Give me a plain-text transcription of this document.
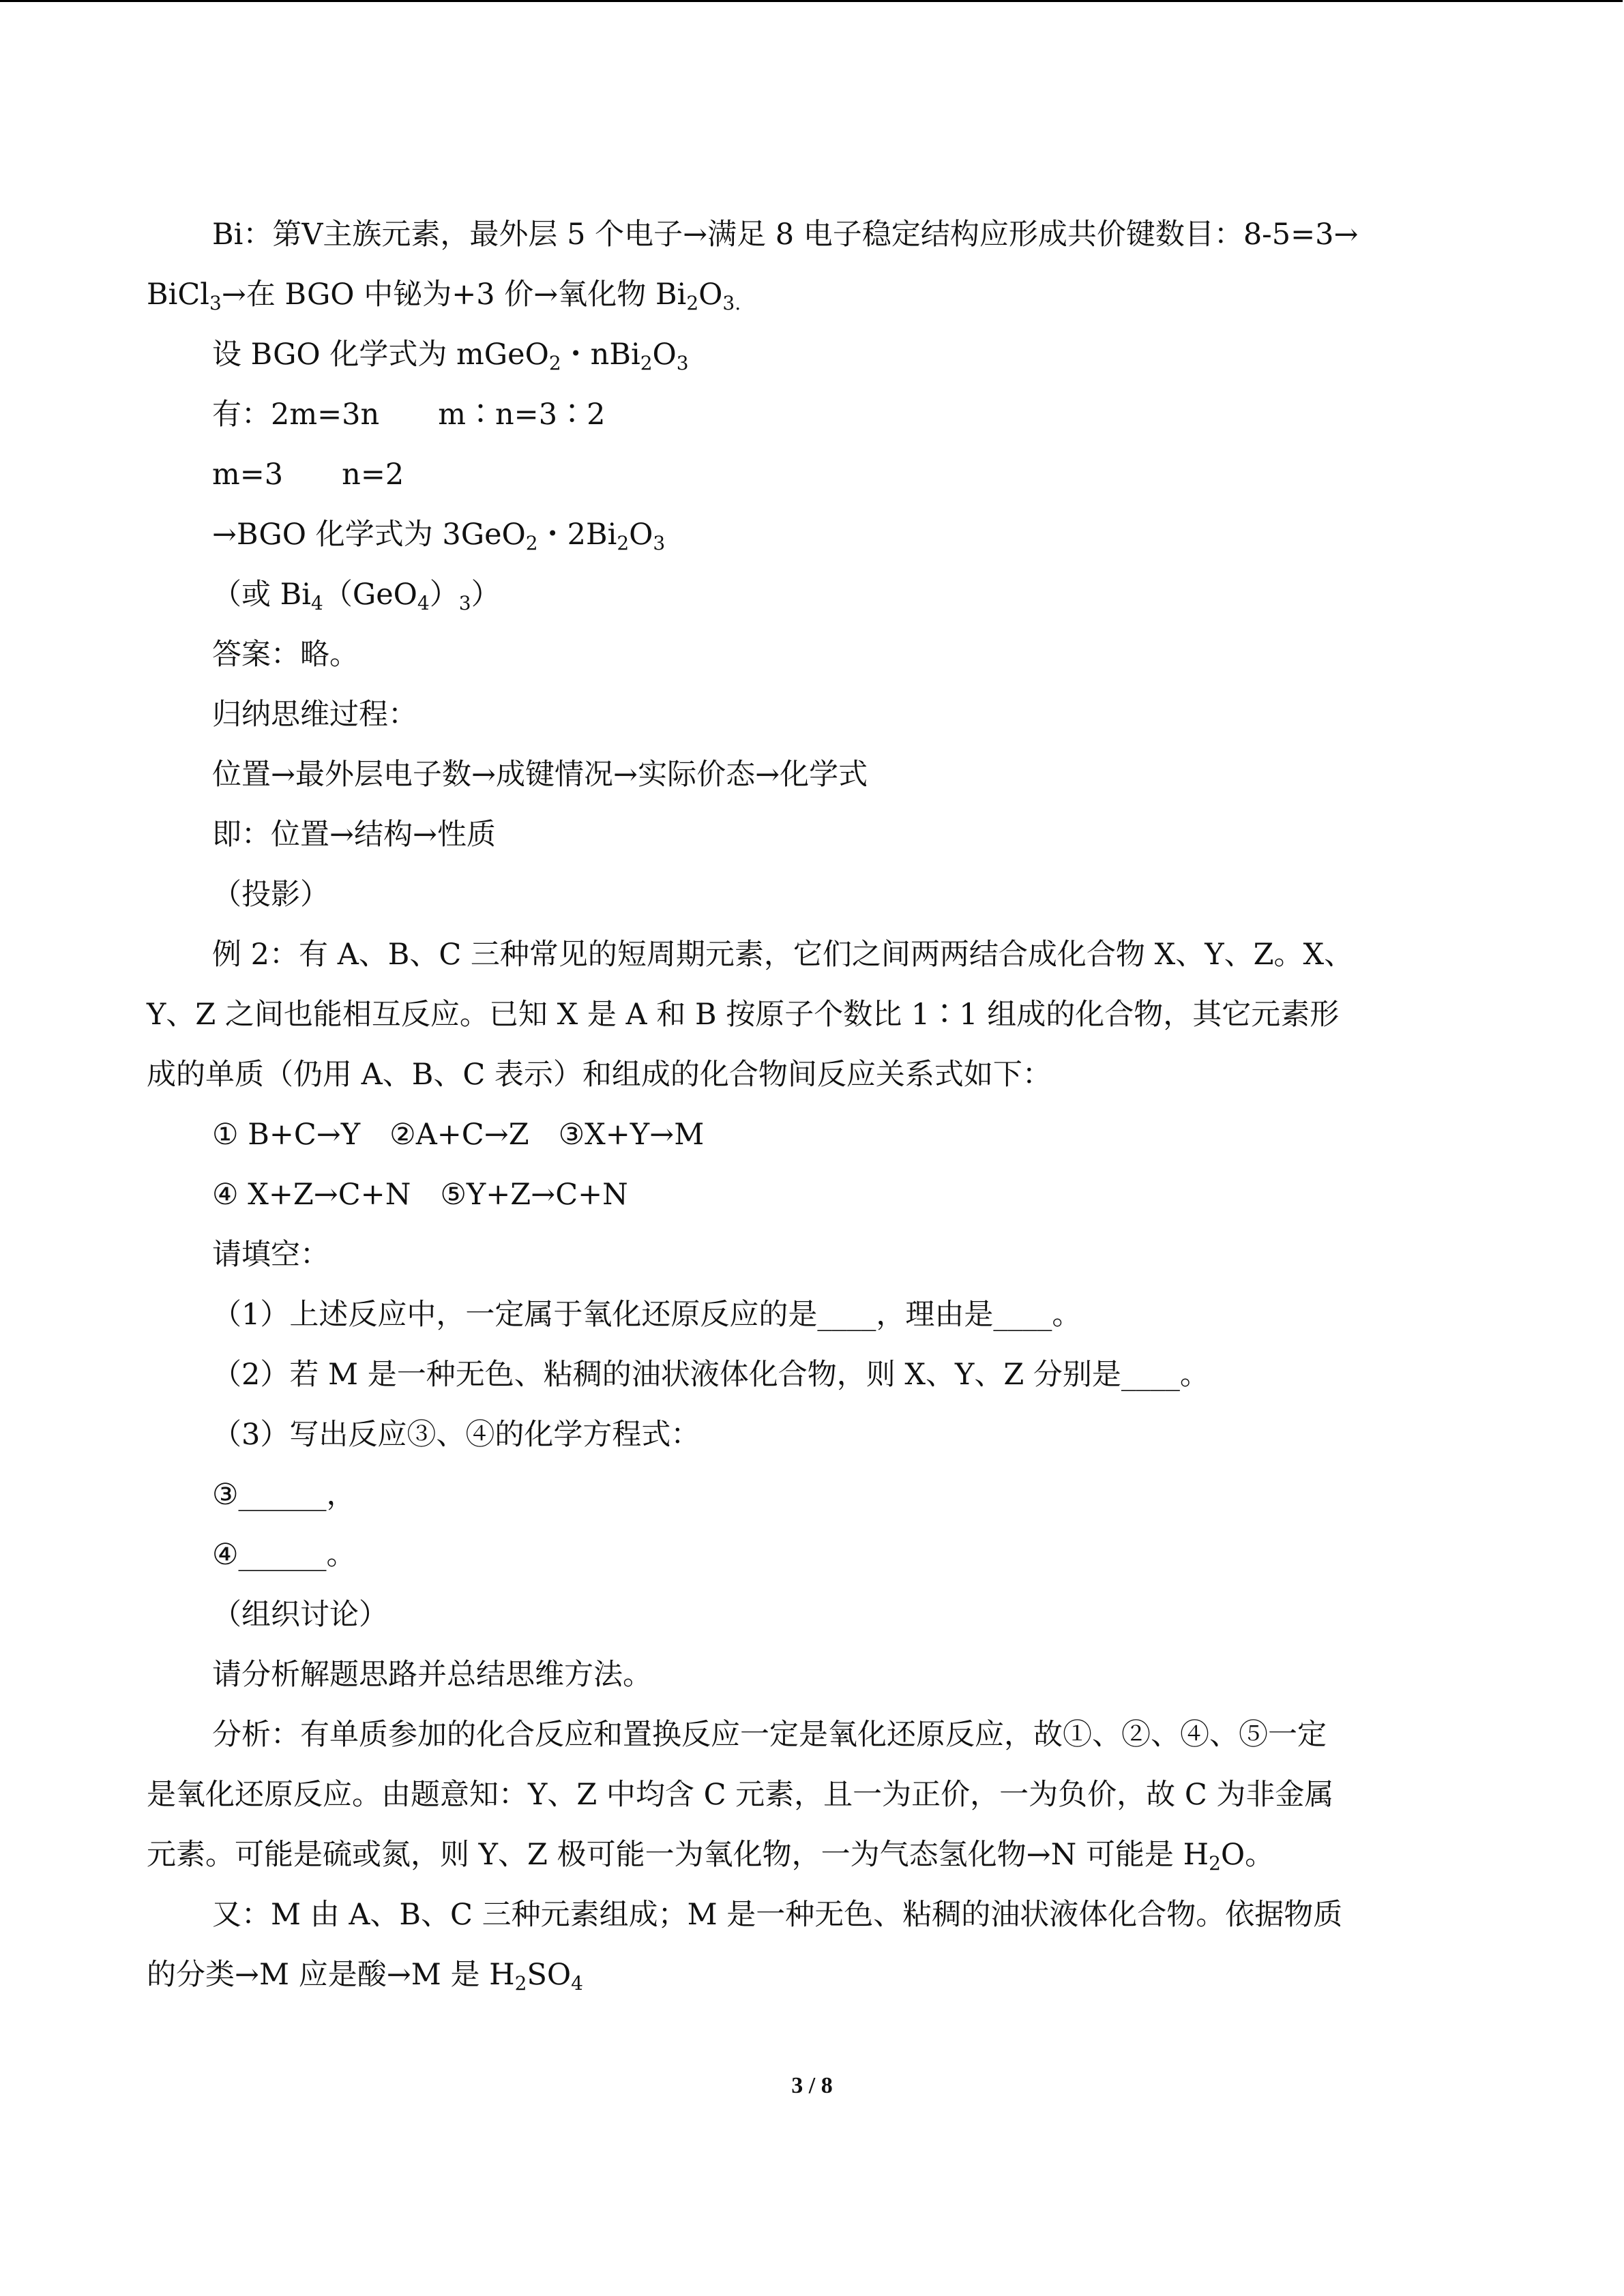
Bi：第Ⅴ主族元素，最外层 5 个电子→满足 8 电子稳定结构应形成共价键数目：8-5=3→
BiCl$_3$→在 BGO 中铋为+3 价→氧化物 $Bi_2O_{3.}$
设 BGO 化学式为 mGeO$_2$・$nBi_2O_3$
有：2m=3n　　m∶n=3∶2
m=3　　n=2
→BGO 化学式为 3GeO$_2$・$2Bi_2O_3$
（或 $Bi_4(GeO_4)_3$）
答案：略。
归纳思维过程：
位置→最外层电子数→成键情况→实际价态→化学式
即：位置→结构→性质
（投影）
例 2：有 A、B、C 三种常见的短周期元素，它们之间两两结合成化合物 X、Y、Z。X、
Y、Z 之间也能相互反应。已知 X 是 A 和 B 按原子个数比 1∶1 组成的化合物，其它元素形
成的单质（仍用 A、B、C 表示）和组成的化合物间反应关系式如下：
① B+C→Y　②A+C→Z　③X+Y→M
④ X+Z→C+N　⑤Y+Z→C+N
请填空：
（1）上述反应中，一定属于氧化还原反应的是____，理由是____。
（2）若 M 是一种无色、粘稠的油状液体化合物，则 X、Y、Z 分别是____。
（3）写出反应③、④的化学方程式：
③______，
④______。
（组织讨论）
请分析解题思路并总结思维方法。
分析：有单质参加的化合反应和置换反应一定是氧化还原反应，故①、②、④、⑤一定
是氧化还原反应。由题意知：Y、Z 中均含 C 元素，且一为正价，一为负价，故 C 为非金属
元素。可能是硫或氮，则 Y、Z 极可能一为氧化物，一为气态氢化物→N 可能是 $H_2O$。
又：M 由 A、B、C 三种元素组成；M 是一种无色、粘稠的油状液体化合物。依据物质
的分类→M 应是酸→M 是 $H_2SO_4$
3 / 8
